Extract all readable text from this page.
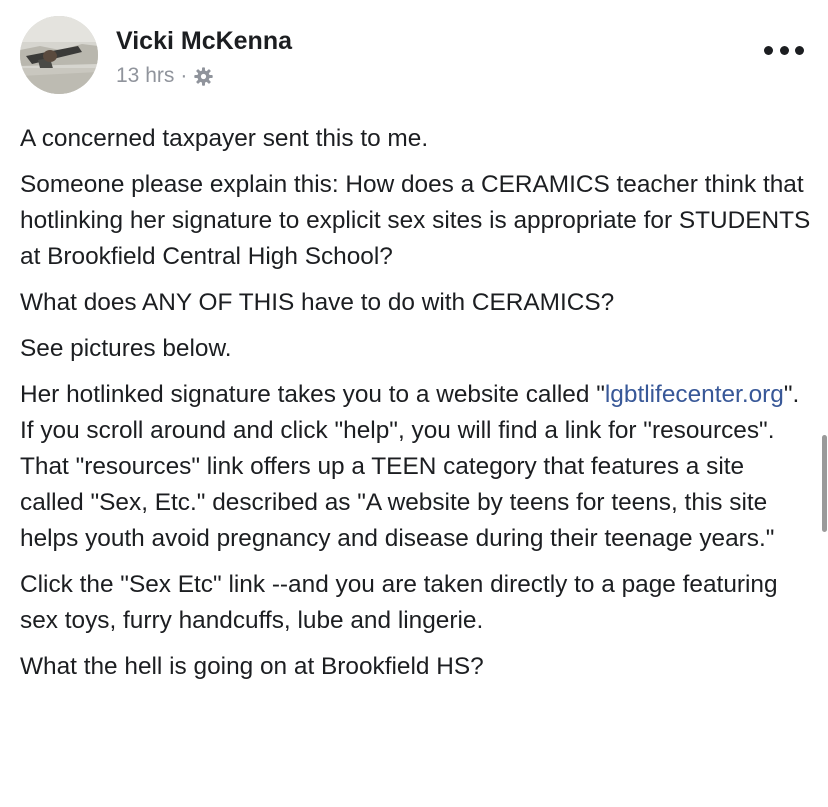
Vicki McKenna
13 hrs ·

A concerned taxpayer sent this to me.

Someone please explain this: How does a CERAMICS teacher think that hotlinking her signature to explicit sex sites is appropriate for STUDENTS at Brookfield Central High School?

What does ANY OF THIS have to do with CERAMICS?

See pictures below.

Her hotlinked signature takes you to a website called "lgbtlifecenter.org". If you scroll around and click "help", you will find a link for "resources". That "resources" link offers up a TEEN category that features a site called "Sex, Etc." described as "A website by teens for teens, this site helps youth avoid pregnancy and disease during their teenage years."

Click the "Sex Etc" link --and you are taken directly to a page featuring sex toys, furry handcuffs, lube and lingerie.

What the hell is going on at Brookfield HS?
